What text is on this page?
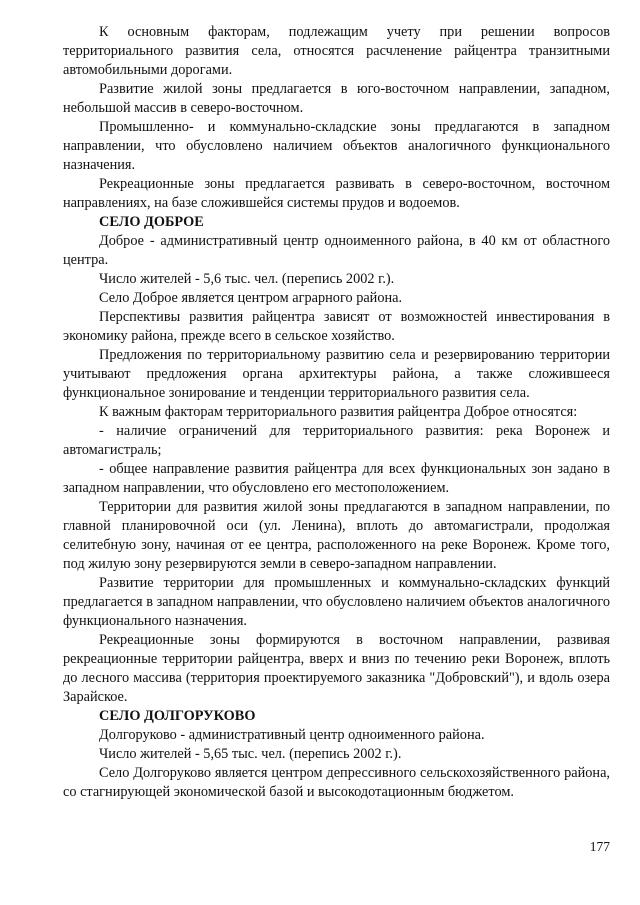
К основным факторам, подлежащим учету при решении вопросов территориального развития села, относятся расчленение райцентра транзитными автомобильными дорогами.

Развитие жилой зоны предлагается в юго-восточном направлении, западном, небольшой массив в северо-восточном.

Промышленно- и коммунально-складские зоны предлагаются в западном направлении, что обусловлено наличием объектов аналогичного функционального назначения.

Рекреационные зоны предлагается развивать в северо-восточном, восточном направлениях, на базе сложившейся системы прудов и водоемов.

СЕЛО ДОБРОЕ

Доброе - административный центр одноименного района, в 40 км от областного центра.

Число жителей - 5,6 тыс. чел. (перепись 2002 г.).

Село Доброе является центром аграрного района.

Перспективы развития райцентра зависят от возможностей инвестирования в экономику района, прежде всего в сельское хозяйство.

Предложения по территориальному развитию села и резервированию территории учитывают предложения органа архитектуры района, а также сложившееся функциональное зонирование и тенденции территориального развития села.

К важным факторам территориального развития райцентра Доброе относятся:

- наличие ограничений для территориального развития: река Воронеж и автомагистраль;

- общее направление развития райцентра для всех функциональных зон задано в западном направлении, что обусловлено его местоположением.

Территории для развития жилой зоны предлагаются в западном направлении, по главной планировочной оси (ул. Ленина), вплоть до автомагистрали, продолжая селитебную зону, начиная от ее центра, расположенного на реке Воронеж. Кроме того, под жилую зону резервируются земли в северо-западном направлении.

Развитие территории для промышленных и коммунально-складских функций предлагается в западном направлении, что обусловлено наличием объектов аналогичного функционального назначения.

Рекреационные зоны формируются в восточном направлении, развивая рекреационные территории райцентра, вверх и вниз по течению реки Воронеж, вплоть до лесного массива (территория проектируемого заказника "Добровский"), и вдоль озера Зарайское.

СЕЛО ДОЛГОРУКОВО

Долгоруково - административный центр одноименного района.

Число жителей - 5,65 тыс. чел. (перепись 2002 г.).

Село Долгоруково является центром депрессивного сельскохозяйственного района, со стагнирующей экономической базой и высокодотационным бюджетом.

177
